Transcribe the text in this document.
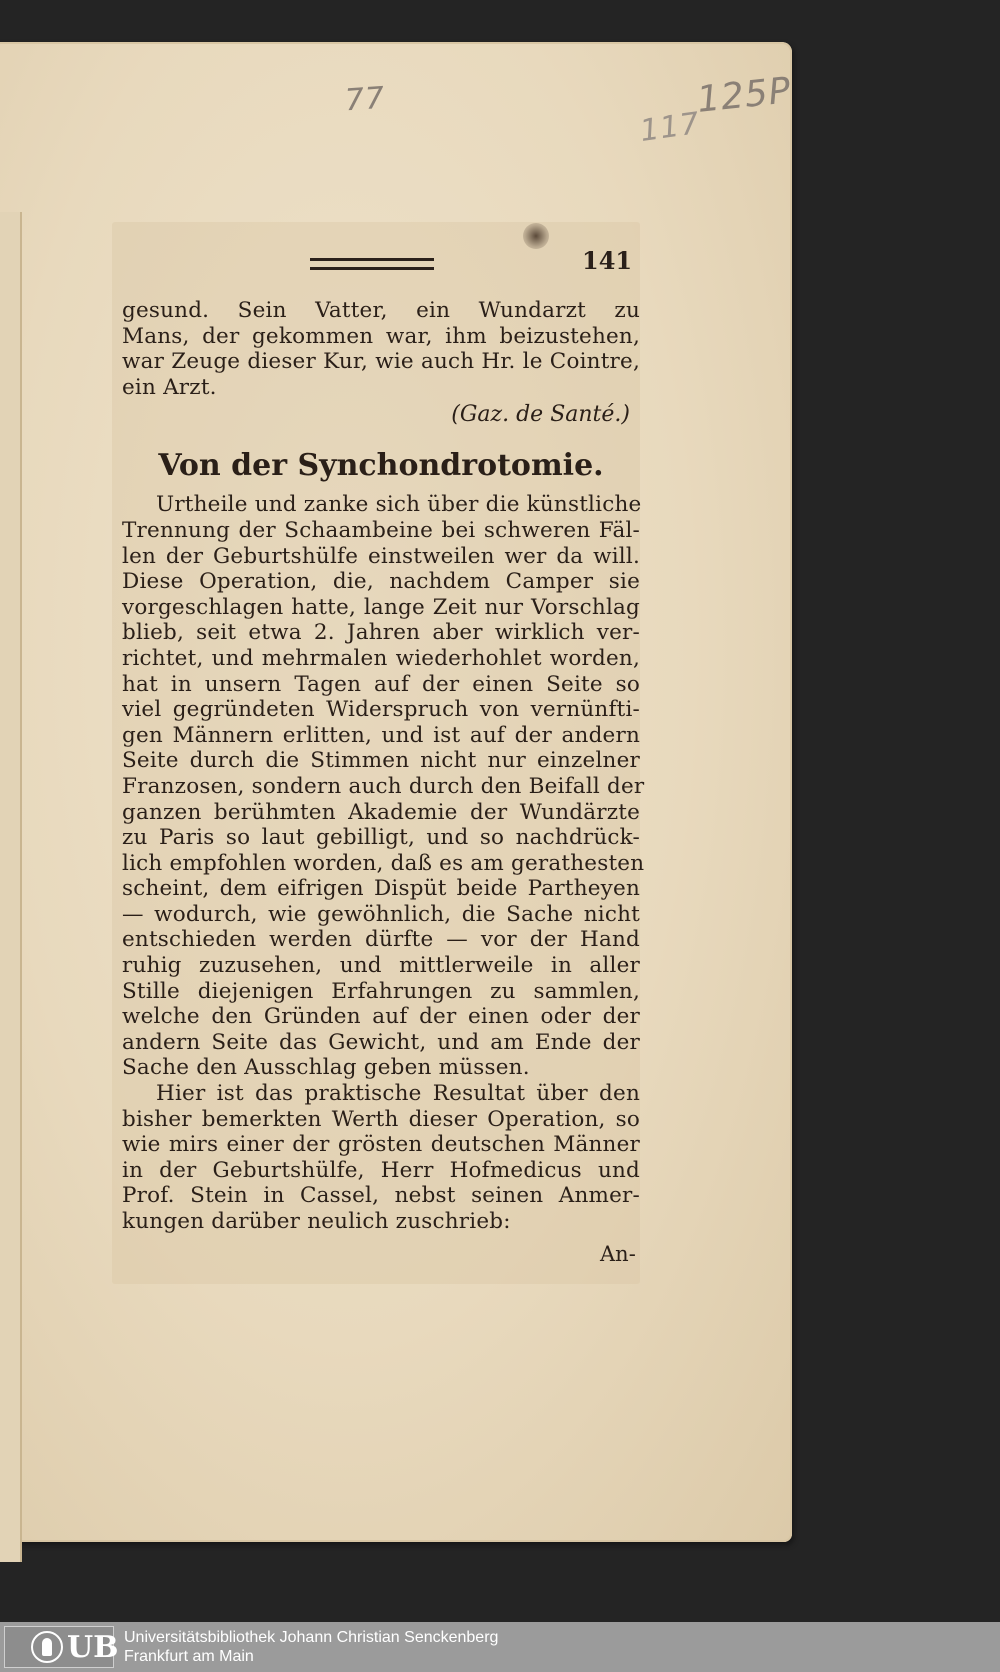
77	125P
117
141
gesund. Sein Vatter, ein Wundarzt zu
Mans, der gekommen war, ihm beizustehen,
war Zeuge dieser Kur, wie auch Hr. le Cointre,
ein Arzt.
(Gaz. de Santé.)
Von der Synchondrotomie.
Urtheile und zanke sich über die künstliche
Trennung der Schaambeine bei schweren Fäl-
len der Geburtshülfe einstweilen wer da will.
Diese Operation, die, nachdem Camper sie
vorgeschlagen hatte, lange Zeit nur Vorschlag
blieb, seit etwa 2. Jahren aber wirklich ver-
richtet, und mehrmalen wiederhohlet worden,
hat in unsern Tagen auf der einen Seite so
viel gegründeten Widerspruch von vernünfti-
gen Männern erlitten, und ist auf der andern
Seite durch die Stimmen nicht nur einzelner
Franzosen, sondern auch durch den Beifall der
ganzen berühmten Akademie der Wundärzte
zu Paris so laut gebilligt, und so nachdrück-
lich empfohlen worden, daß es am gerathesten
scheint, dem eifrigen Dispüt beide Partheyen
— wodurch, wie gewöhnlich, die Sache nicht
entschieden werden dürfte — vor der Hand
ruhig zuzusehen, und mittlerweile in aller
Stille diejenigen Erfahrungen zu sammlen,
welche den Gründen auf der einen oder der
andern Seite das Gewicht, und am Ende der
Sache den Ausschlag geben müssen.
Hier ist das praktische Resultat über den
bisher bemerkten Werth dieser Operation, so
wie mirs einer der grösten deutschen Männer
in der Geburtshülfe, Herr Hofmedicus und
Prof. Stein in Cassel, nebst seinen Anmer-
kungen darüber neulich zuschrieb:
An-
UB Universitätsbibliothek Johann Christian Senckenberg
Frankfurt am Main
